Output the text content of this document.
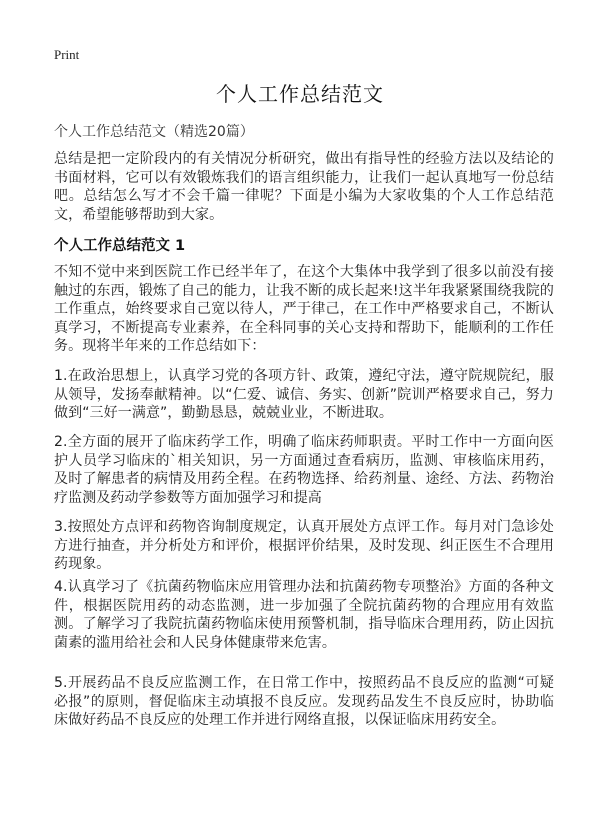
Print
个人工作总结范文
个人工作总结范文（精选20篇）

总结是把一定阶段内的有关情况分析研究，做出有指导性的经验方法以及结论的书面材料，它可以有效锻炼我们的语言组织能力，让我们一起认真地写一份总结吧。总结怎么写才不会千篇一律呢？下面是小编为大家收集的个人工作总结范文，希望能够帮助到大家。

个人工作总结范文 1

不知不觉中来到医院工作已经半年了，在这个大集体中我学到了很多以前没有接触过的东西，锻炼了自己的能力，让我不断的成长起来!这半年我紧紧围绕我院的工作重点，始终要求自己宽以待人，严于律己，在工作中严格要求自己，不断认真学习，不断提高专业素养，在全科同事的关心支持和帮助下，能顺利的工作任务。现将半年来的工作总结如下：

1.在政治思想上，认真学习党的各项方针、政策，遵纪守法，遵守院规院纪，服从领导，发扬奉献精神。以“仁爱、诚信、务实、创新”院训严格要求自己，努力做到“三好一满意”，勤勤恳恳，兢兢业业，不断进取。

2.全方面的展开了临床药学工作，明确了临床药师职责。平时工作中一方面向医护人员学习临床的`相关知识，另一方面通过查看病历，监测、审核临床用药，及时了解患者的病情及用药全程。在药物选择、给药剂量、途经、方法、药物治疗监测及药动学参数等方面加强学习和提高

3.按照处方点评和药物咨询制度规定，认真开展处方点评工作。每月对门急诊处方进行抽查，并分析处方和评价，根据评价结果，及时发现、纠正医生不合理用药现象。

4.认真学习了《抗菌药物临床应用管理办法和抗菌药物专项整治》方面的各种文件，根据医院用药的动态监测，进一步加强了全院抗菌药物的合理应用有效监测。了解学习了我院抗菌药物临床使用预警机制，指导临床合理用药，防止因抗菌素的滥用给社会和人民身体健康带来危害。

5.开展药品不良反应监测工作，在日常工作中，按照药品不良反应的监测“可疑必报”的原则，督促临床主动填报不良反应。发现药品发生不良反应时，协助临床做好药品不良反应的处理工作并进行网络直报，以保证临床用药安全。
